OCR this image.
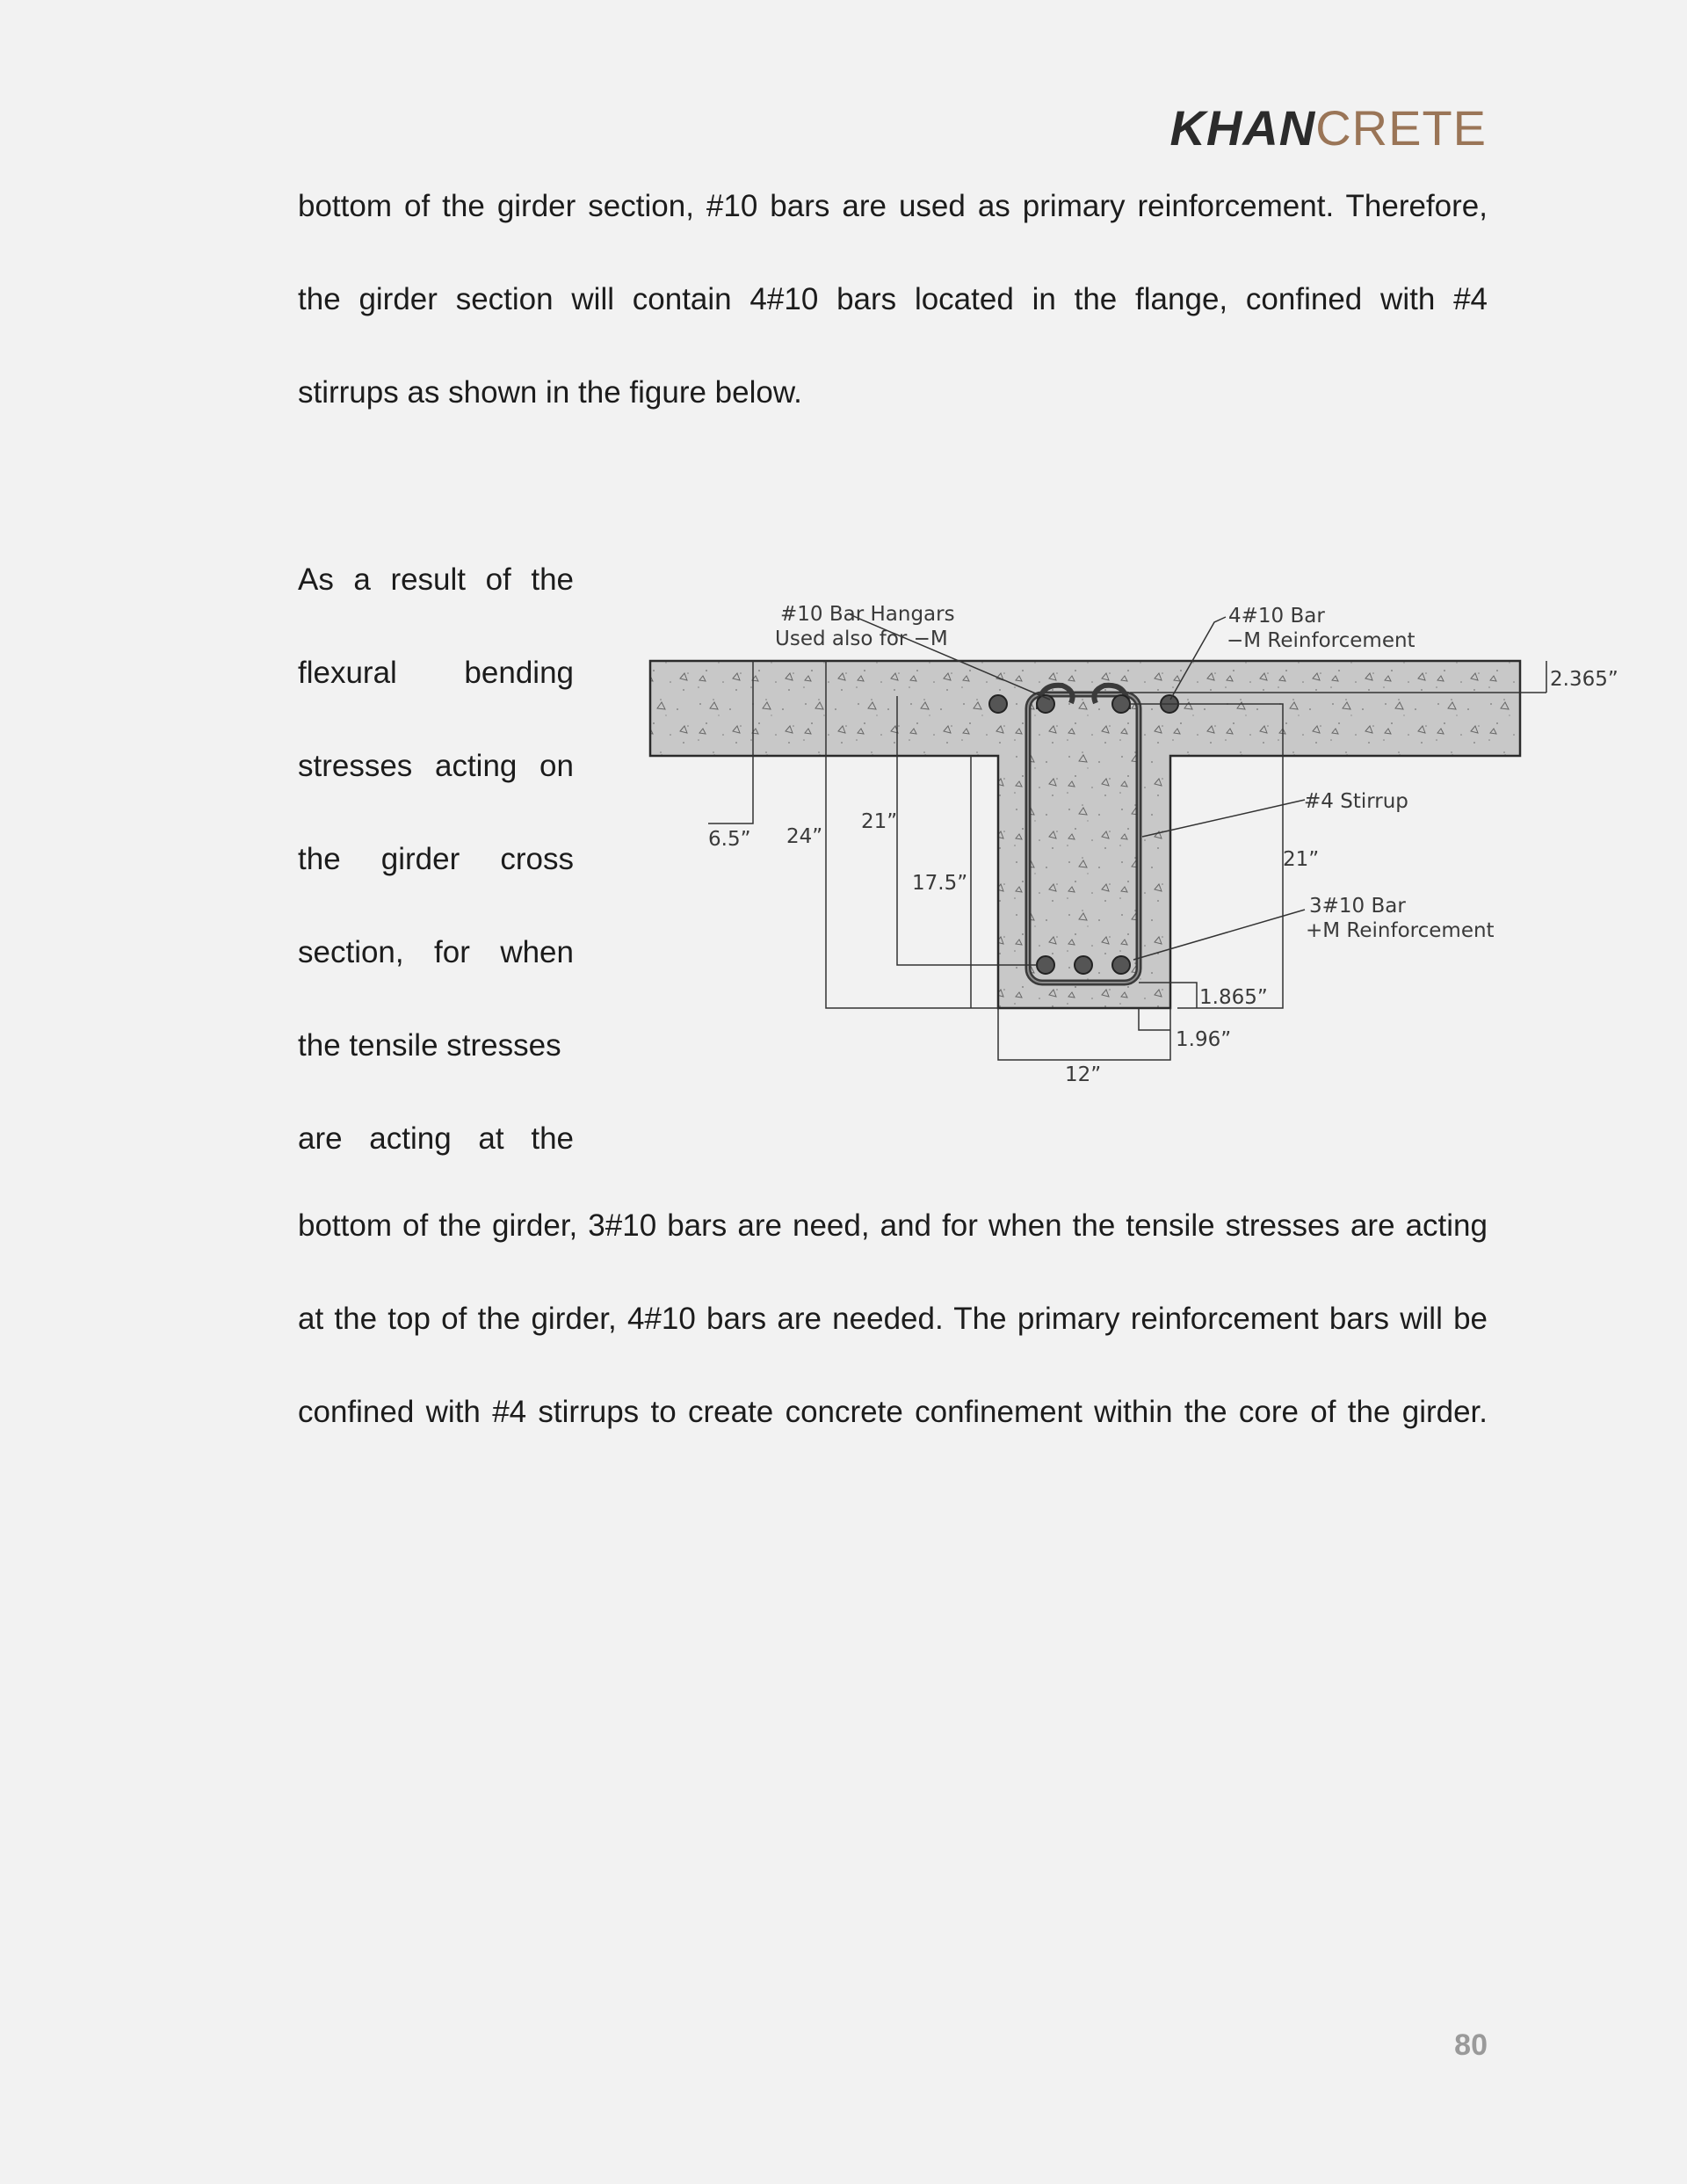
KHANCRETE

bottom of the girder section, #10 bars are used as primary reinforcement. Therefore,
the girder section will contain 4#10 bars located in the flange, confined with #4
stirrups as shown in the figure below.

As a result of the
flexural bending
stresses acting on
the girder cross
section, for when
the tensile stresses
are acting at the

#10 Bar Hangars
Used also for −M
4#10 Bar
−M Reinforcement
#4 Stirrup
3#10 Bar
+M Reinforcement
6.5” 24”
21”
17.5”
21”
2.365”
1.865”
1.96”
12”

bottom of the girder, 3#10 bars are need, and for when the tensile stresses are acting
at the top of the girder, 4#10 bars are needed. The primary reinforcement bars will be
confined with #4 stirrups to create concrete confinement within the core of the girder.

80
